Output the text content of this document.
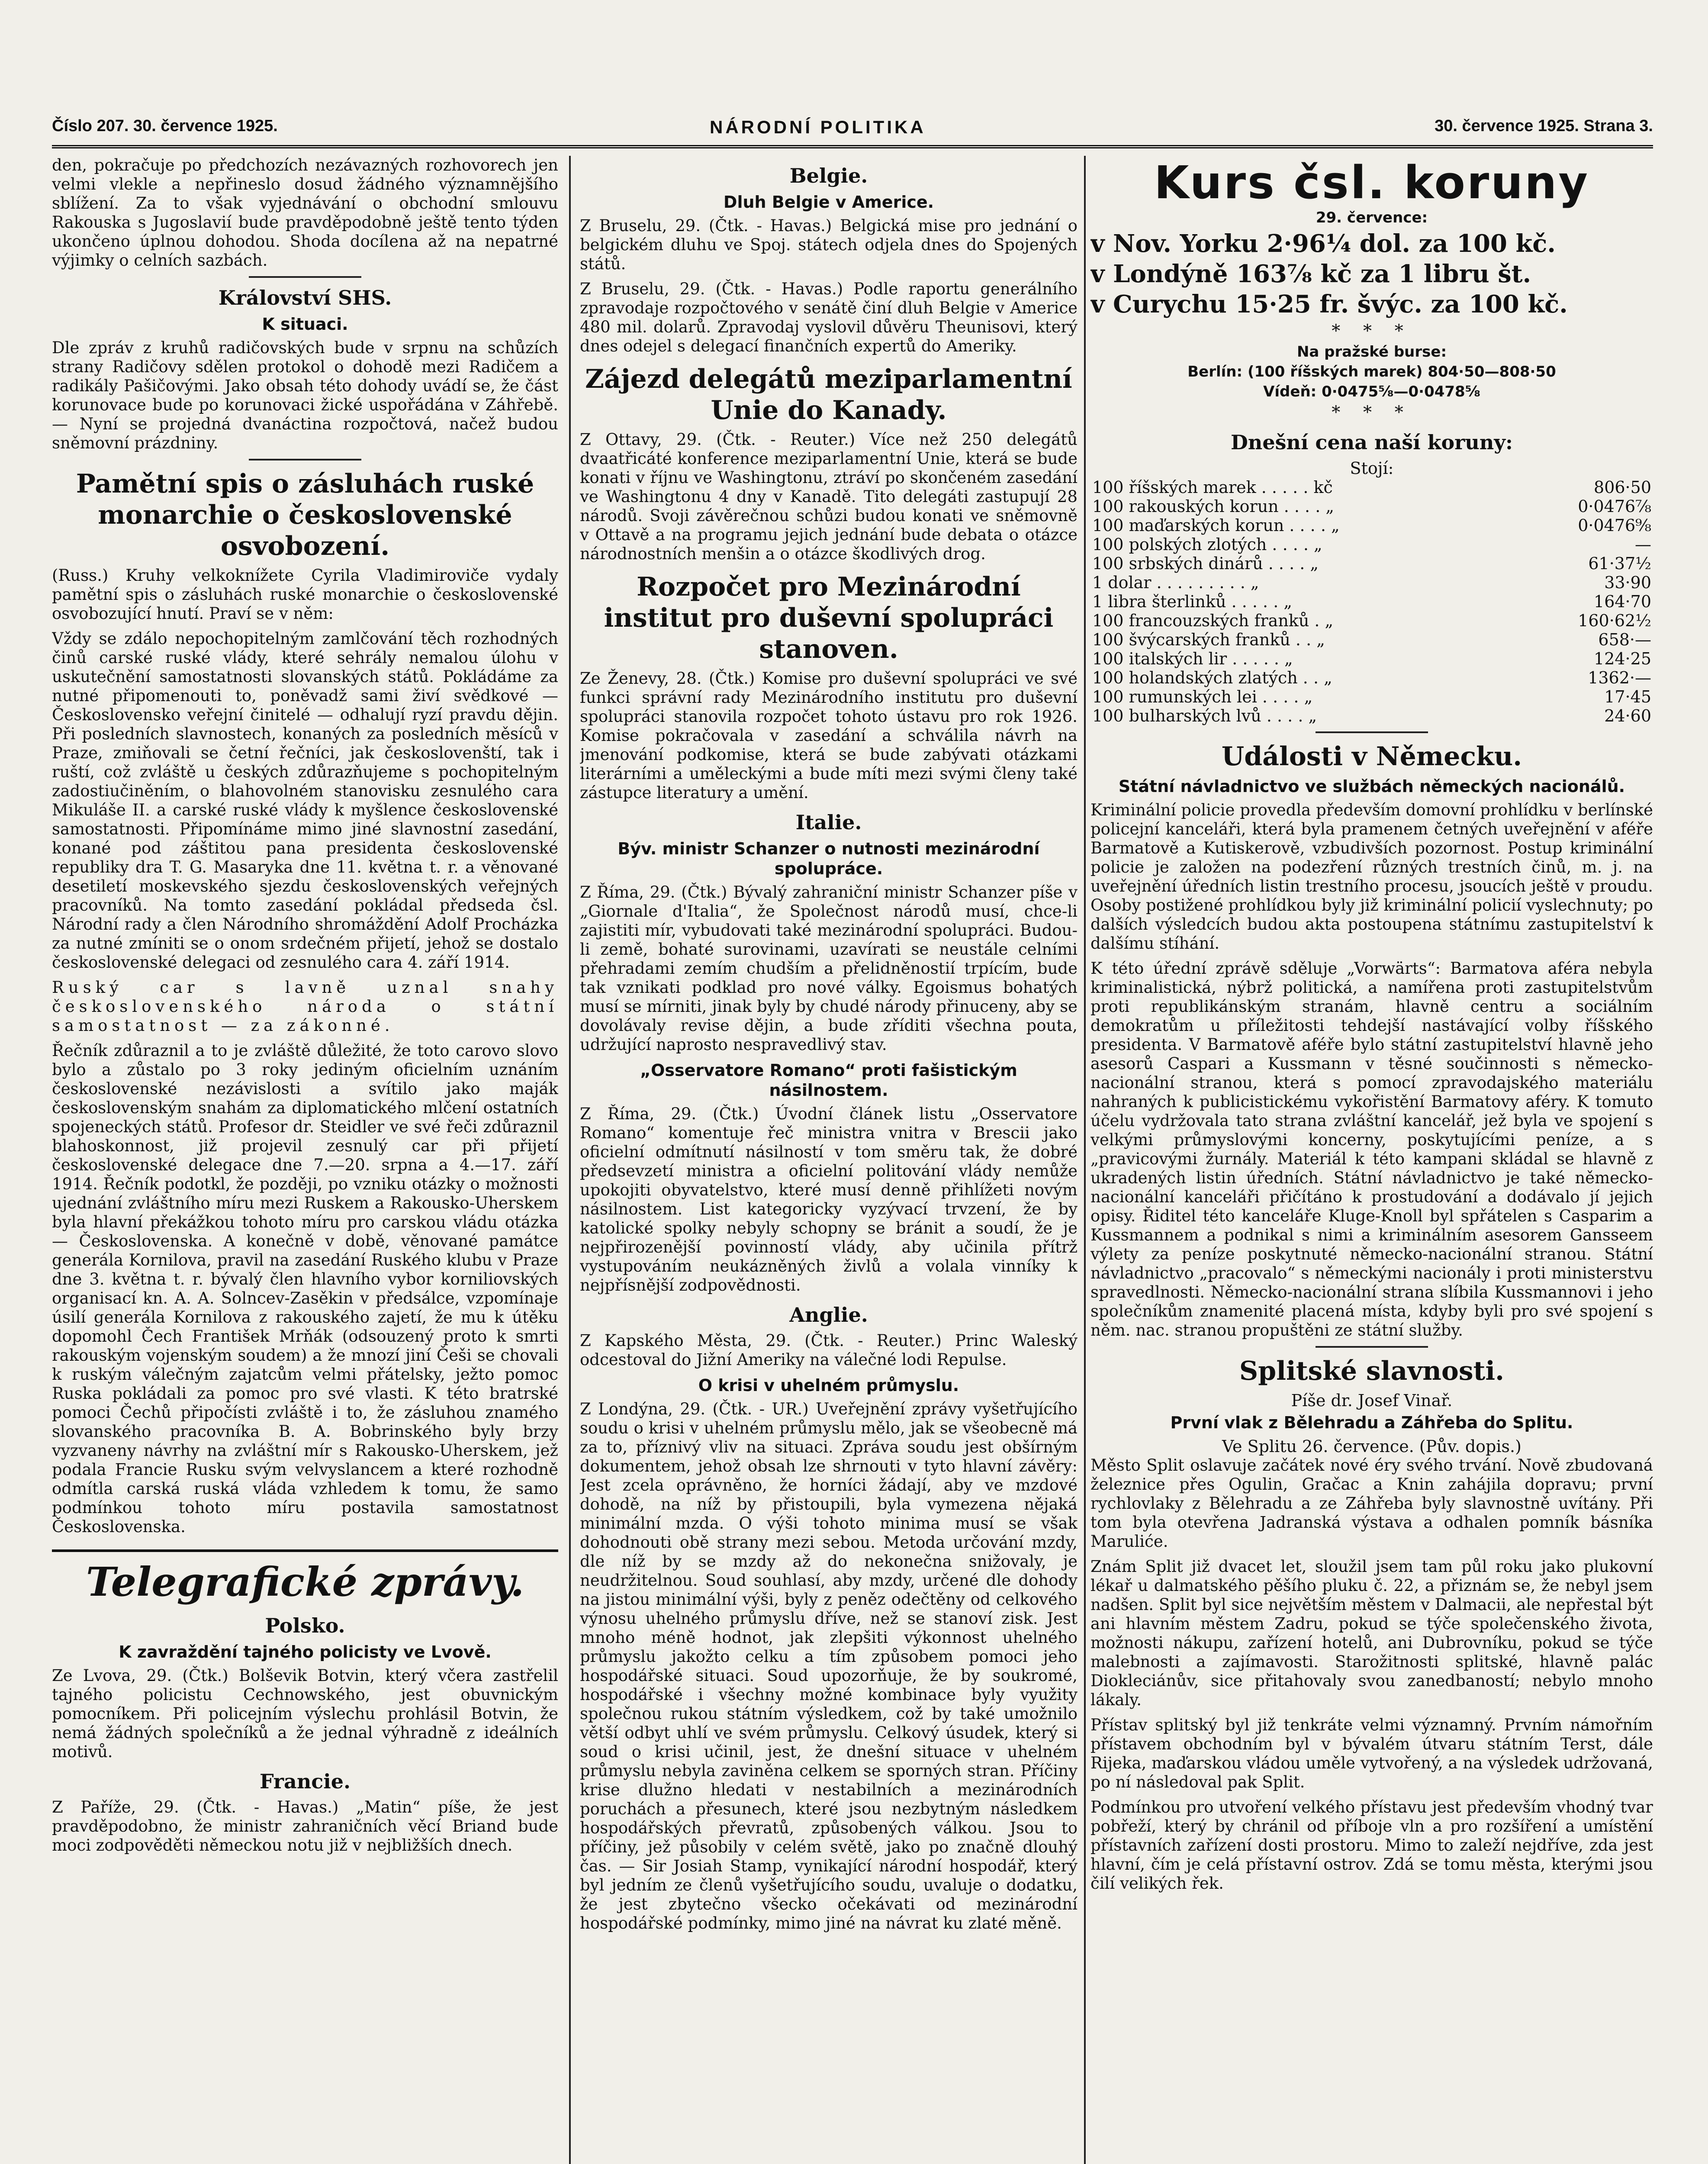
Číslo 207. 30. července 1925.	NÁRODNÍ POLITIKA	30. července 1925. Strana 3.

den, pokračuje po předchozích nezávazných rozhovorech jen velmi vlekle a nepřineslo dosud žádného významnějšího sblížení. Za to však vyjednávání o obchodní smlouvu Rakouska s Jugoslavií bude pravděpodobně ještě tento týden ukončeno úplnou dohodou. Shoda docílena až na nepatrné výjimky o celních sazbách.

Království SHS.
K situaci.

Dle zpráv z kruhů radičovských bude v srpnu na schůzích strany Radičovy sdělen protokol o dohodě mezi Radičem a radikály Pašičovými. Jako obsah této dohody uvádí se, že část korunovace bude po korunovaci žické uspořádána v Záhřebě. — Nyní se projedná dvanáctina rozpočtová, načež budou sněmovní prázdniny.

Pamětní spis o zásluhách ruské monarchie o československé osvobození.

(Russ.) Kruhy velkoknížete Cyrila Vladimiroviče vydaly pamětní spis o zásluhách ruské monarchie o československé osvobozující hnutí. Praví se v něm:

Vždy se zdálo nepochopitelným zamlčování těch rozhodných činů carské ruské vlády, které sehrály nemalou úlohu v uskutečnění samostatnosti slovanských států. Pokládáme za nutné připomenouti to, poněvadž sami živí svědkové — Československo veřejní činitelé — odhalují ryzí pravdu dějin. Při posledních slavnostech, konaných za posledních měsíců v Praze, zmiňovali se četní řečníci, jak českoslovenští, tak i ruští, což zvláště u českých zdůrazňujeme s pochopitelným zadostiučiněním, o blahovolném stanovisku zesnulého cara Mikuláše II. a carské ruské vlády k myšlence československé samostatnosti. Připomínáme mimo jiné slavnostní zasedání, konané pod záštitou pana presidenta československé republiky dra T. G. Masaryka dne 11. května t. r. a věnované desetiletí moskevského sjezdu československých veřejných pracovníků. Na tomto zasedání pokládal předseda čsl. Národní rady a člen Národního shromáždění Adolf Procházka za nutné zmíniti se o onom srdečném přijetí, jehož se dostalo československé delegaci od zesnulého cara 4. září 1914.

Ruský car s lavně uznal snahy československého národa o státní samostatnost — za zákonné.

Řečník zdůraznil a to je zvláště důležité, že toto carovo slovo bylo a zůstalo po 3 roky jediným oficielním uznáním československé nezávislosti a svítilo jako maják československým snahám za diplomatického mlčení ostatních spojeneckých států. Profesor dr. Steidler ve své řeči zdůraznil blahoskonnost, již projevil zesnulý car při přijetí československé delegace dne 7.—20. srpna a 4.—17. září 1914. Řečník podotkl, že později, po vzniku otázky o možnosti ujednání zvláštního míru mezi Ruskem a Rakousko-Uherskem byla hlavní překážkou tohoto míru pro carskou vládu otázka — Československa. A konečně v době, věnované památce generála Kornilova, pravil na zasedání Ruského klubu v Praze dne 3. května t. r. bývalý člen hlavního vybor korniliovských organisací kn. A. A. Solncev-Zasěkin v předsálce, vzpomínaje úsilí generála Kornilova z rakouského zajetí, že mu k útěku dopomohl Čech František Mrňák (odsouzený proto k smrti rakouským vojenským soudem) a že mnozí jiní Češi se chovali k ruským válečným zajatcům velmi přátelsky, ježto pomoc Ruska pokládali za pomoc pro své vlasti. K této bratrské pomoci Čechů připočísti zvláště i to, že zásluhou znamého slovanského pracovníka B. A. Bobrinského byly brzy vyzvaneny návrhy na zvláštní mír s Rakousko-Uherskem, jež podala Francie Rusku svým velvyslancem a které rozhodně odmítla carská ruská vláda vzhledem k tomu, že samo podmínkou tohoto míru postavila samostatnost Československa.

Telegrafické zprávy.
Polsko.
K zavraždění tajného policisty ve Lvově.

Ze Lvova, 29. (Čtk.) Bolševik Botvin, který včera zastřelil tajného policistu Cechnowského, jest obuvnickým pomocníkem. Při policejním výslechu prohlásil Botvin, že nemá žádných společníků a že jednal výhradně z ideálních motivů.

Francie.

Z Paříže, 29. (Čtk. - Havas.) „Matin“ píše, že jest pravděpodobno, že ministr zahraničních věcí Briand bude moci zodpověděti německou notu již v nejbližších dnech.

Belgie.
Dluh Belgie v Americe.

Z Bruselu, 29. (Čtk. - Havas.) Belgická mise pro jednání o belgickém dluhu ve Spoj. státech odjela dnes do Spojených států.

Z Bruselu, 29. (Čtk. - Havas.) Podle raportu generálního zpravodaje rozpočtového v senátě činí dluh Belgie v Americe 480 mil. dolarů. Zpravodaj vyslovil důvěru Theunisovi, který dnes odejel s delegací finančních expertů do Ameriky.

Zájezd delegátů meziparlamentní Unie do Kanady.

Z Ottavy, 29. (Čtk. - Reuter.) Více než 250 delegátů dvaatřicáté konference meziparlamentní Unie, která se bude konati v říjnu ve Washingtonu, ztráví po skončeném zasedání ve Washingtonu 4 dny v Kanadě. Tito delegáti zastupují 28 národů. Svoji závěrečnou schůzi budou konati ve sněmovně v Ottavě a na programu jejich jednání bude debata o otázce národnostních menšin a o otázce škodlivých drog.

Rozpočet pro Mezinárodní institut pro duševní spolupráci stanoven.

Ze Ženevy, 28. (Čtk.) Komise pro duševní spolupráci ve své funkci správní rady Mezinárodního institutu pro duševní spolupráci stanovila rozpočet tohoto ústavu pro rok 1926. Komise pokračovala v zasedání a schválila návrh na jmenování podkomise, která se bude zabývati otázkami literárními a uměleckými a bude míti mezi svými členy také zástupce literatury a umění.

Italie.
Býv. ministr Schanzer o nutnosti mezinárodní spolupráce.

Z Říma, 29. (Čtk.) Bývalý zahraniční ministr Schanzer píše v „Giornale d'Italia“, že Společnost národů musí, chce-li zajistiti mír, vybudovati také mezinárodní spolupráci. Budou-li země, bohaté surovinami, uzavírati se neustále celními přehradami zemím chudším a přelidněnostií trpícím, bude tak vznikati podklad pro nové války. Egoismus bohatých musí se mírniti, jinak byly by chudé národy přinuceny, aby se dovolávaly revise dějin, a bude zříditi všechna pouta, udržující naprosto nespravedlivý stav.

„Osservatore Romano“ proti fašistickým násilnostem.

Z Říma, 29. (Čtk.) Úvodní článek listu „Osservatore Romano“ komentuje řeč ministra vnitra v Brescii jako oficielní odmítnutí násilností v tom směru tak, že dobré předsevzetí ministra a oficielní politování vlády nemůže upokojiti obyvatelstvo, které musí denně přihlížeti novým násilnostem. List kategoricky vyzývací trvzení, že by katolické spolky nebyly schopny se bránit a soudí, že je nejpřirozenější povinností vlády, aby učinila přítrž vystupováním neukázněných živlů a volala vinníky k nejpřísnější zodpovědnosti.

Anglie.

Z Kapského Města, 29. (Čtk. - Reuter.) Princ Waleský odcestoval do Jižní Ameriky na válečné lodi Repulse.

O krisi v uhelném průmyslu.

Z Londýna, 29. (Čtk. - UR.) Uveřejnění zprávy vyšetřujícího soudu o krisi v uhelném průmyslu mělo, jak se všeobecně má za to, příznivý vliv na situaci. Zpráva soudu jest obšírným dokumentem, jehož obsah lze shrnouti v tyto hlavní závěry: Jest zcela oprávněno, že horníci žádají, aby ve mzdové dohodě, na níž by přistoupili, byla vymezena nějaká minimální mzda. O výši tohoto minima musí se však dohodnouti obě strany mezi sebou. Metoda určování mzdy, dle níž by se mzdy až do nekonečna snižovaly, je neudržitelnou. Soud souhlasí, aby mzdy, určené dle dohody na jistou minimální výši, byly z peněz odečtěny od celkového výnosu uhelného průmyslu dříve, než se stanoví zisk. Jest mnoho méně hodnot, jak zlepšiti výkonnost uhelného průmyslu jakožto celku a tím způsobem pomoci jeho hospodářské situaci. Soud upozorňuje, že by soukromé, hospodářské i všechny možné kombinace byly využity společnou rukou státním výsledkem, což by také umožnilo větší odbyt uhlí ve svém průmyslu. Celkový úsudek, který si soud o krisi učinil, jest, že dnešní situace v uhelném průmyslu nebyla zaviněna celkem se sporných stran. Příčiny krise dlužno hledati v nestabilních a mezinárodních poruchách a přesunech, které jsou nezbytným následkem hospodářských převratů, způsobených válkou. Jsou to příčiny, jež působily v celém světě, jako po značně dlouhý čas. — Sir Josiah Stamp, vynikající národní hospodář, který byl jedním ze členů vyšetřujícího soudu, uvaluje o dodatku, že jest zbytečno všecko očekávati od mezinárodní hospodářské podmínky, mimo jiné na návrat ku zlaté měně.

Kurs čsl. koruny
29. července:
v Nov. Yorku 2·96¼ dol. za 100 kč.
v Londýně 163⅞ kč za 1 libru št.
v Curychu 15·25 fr. švýc. za 100 kč.
* * *
Na pražské burse:
Berlín: (100 říšských marek) 804·50—808·50
Vídeň: 0·0475⅝—0·0478⅝
* * *
Dnešní cena naší koruny:
Stojí:
100 říšských marek . . . . . kč	806·50
100 rakouských korun . . . . „	0·0476⁷⁄₈
100 maďarských korun . . . . „	0·0476⁹⁄₈
100 polských zlotých . . . . „	—
100 srbských dinárů . . . . „	61·37½
1 dolar . . . . . . . . . „	33·90
1 libra šterlinků . . . . . „	164·70
100 francouzských franků . „	160·62½
100 švýcarských franků . . „	658·—
100 italských lir . . . . . „	124·25
100 holandských zlatých . . „	1362·—
100 rumunských lei . . . . „	17·45
100 bulharských lvů . . . . „	24·60
Události v Německu.
Státní návladnictvo ve službách německých nacionálů.

Kriminální policie provedla především domovní prohlídku v berlínské policejní kanceláři, která byla pramenem četných uveřejnění v aféře Barmatově a Kutiskerově, vzbudivších pozornost. Postup kriminální policie je založen na podezření různých trestních činů, m. j. na uveřejnění úředních listin trestního procesu, jsoucích ještě v proudu. Osoby postižené prohlídkou byly již kriminální policií vyslechnuty; po dalších výsledcích budou akta postoupena státnímu zastupitelství k dalšímu stíhání.

K této úřední zprávě sděluje „Vorwärts“: Barmatova aféra nebyla kriminalistická, nýbrž politická, a namířena proti zastupitelstvům proti republikánským stranám, hlavně centru a sociálním demokratům u příležitosti tehdejší nastávající volby říšského presidenta. V Barmatově aféře bylo státní zastupitelství hlavně jeho asesorů Caspari a Kussmann v těsné součinnosti s německo-nacionální stranou, která s pomocí zpravodajského materiálu nahraných k publicistickému vykořistění Barmatovy aféry. K tomuto účelu vydržovala tato strana zvláštní kancelář, jež byla ve spojení s velkými průmyslovými koncerny, poskytujícími peníze, a s „pravicovými žurnály. Materiál k této kampani skládal se hlavně z ukradených listin úředních. Státní návladnictvo je také německo-nacionální kanceláři přičítáno k prostudování a dodávalo jí jejich opisy. Řiditel této kanceláře Kluge-Knoll byl spřátelen s Casparim a Kussmannem a podnikal s nimi a kriminálním asesorem Gansseem výlety za peníze poskytnuté německo-nacionální stranou. Státní návladnictvo „pracovalo“ s německými nacionály i proti ministerstvu spravedlnosti. Německo-nacionální strana slíbila Kussmannovi i jeho společníkům znamenité placená místa, kdyby byli pro své spojení s něm. nac. stranou propuštěni ze státní služby.

Splitské slavnosti.
Píše dr. Josef Vinař.
První vlak z Bělehradu a Záhřeba do Splitu.
Ve Splitu 26. července. (Pův. dopis.)

Město Split oslavuje začátek nové éry svého trvání. Nově zbudovaná železnice přes Ogulin, Gračac a Knin zahájila dopravu; první rychlovlaky z Bělehradu a ze Záhřeba byly slavnostně uvítány. Při tom byla otevřena Jadranská výstava a odhalen pomník básníka Maruliće.

Znám Split již dvacet let, sloužil jsem tam půl roku jako plukovní lékař u dalmatského pěšího pluku č. 22, a přiznám se, že nebyl jsem nadšen. Split byl sice největším městem v Dalmacii, ale nepřestal být ani hlavním městem Zadru, pokud se týče společenského života, možnosti nákupu, zařízení hotelů, ani Dubrovníku, pokud se týče malebnosti a zajímavosti. Starožitnosti splitské, hlavně palác Diokleciánův, sice přitahovaly svou zanedbaností; nebylo mnoho lákaly.

Přístav splitský byl již tenkráte velmi významný. Prvním námořním přístavem obchodním byl v bývalém útvaru státním Terst, dále Rijeka, maďarskou vládou uměle vytvořený, a na výsledek udržovaná, po ní následoval pak Split.

Podmínkou pro utvoření velkého přístavu jest především vhodný tvar pobřeží, který by chránil od příboje vln a pro rozšíření a umístění přístavních zařízení dosti prostoru. Mimo to zaleží nejdříve, zda jest hlavní, čím je celá přístavní ostrov. Zdá se tomu města, kterými jsou čilí velikých řek.
